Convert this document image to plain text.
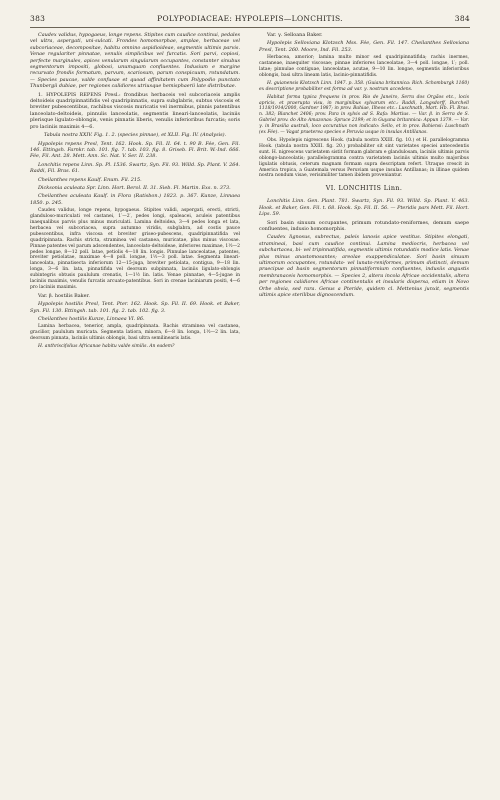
383	POLYPODIACEAE: HYPOLEPIS—LONCHITIS.	384

Caudex validus, hypogaeus, longe repens. Stipites cum caudice continui, pedales vel ultra, aspergati, uni-sulcati. Frondes homomorphae, amplae, herbaceae vel subcoriaceae, decompositae, habitu omnino aspidioideae, segmentis ultimis parvis. Venae regulariter pinnatae, venulis simplicibus vel furcatis. Sori parvi, copiosi, perfecte marginales, apices venularum singularum occupantes, constanter sinubus segmentorum impositi, globosi, unumquam confluentes. Indusium e margine recurvato frondis formatum, parvum, scariosum, parum conspicuum, rotundatum. — Species paucae, valde confusae et quoad affinitatem cum Polypodio punctato Thunbergii dubiae, per regiones calidiores utriusque hemisphaerii late distributae.

1. HYPOLEPIS REPENS Presl.: frondibus herbaceis vel subcoriaceis amplis deltoideis quadripinnatifidis vel quadripinnatis, supra subglabris, subtus viscosis et breviter pubescentibus, rachibus viscosis muricatis vel inermibus, pinnis patentibus lanceolato-deltoideis, pinnulis lanceolatis, segmentis lineari-lanceolatis, laciniis plerisque ligulato-oblongis, venis pinnatis liberis, venulis inferioribus furcatis; soris pro laciniis maximis 4—6.

Tabula nostra XXIV. Fig. 1. 2. (species pinnae), et XLII. Fig. IV. (Analysis).

Hypolepis repens Presl, Tent. 162. Hook. Sp. Fil. II. 64. t. 90 B. Fée, Gen. Fil. 146. Ettingsh. Farnkr. tab. 101. fig. 7. tab. 103. fig. 8. Griseb. Fl. Brit. W.-Ind. 666. Fée, Fil. Ant. 28. Mett. Ann. Sc. Nat. V. Ser. II. 238.

Lonchitis repens Linn. Sp. Pl. 1536. Swartz, Syn. Fil. 93. Willd. Sp. Plant. V. 264. Raddi, Fil. Bras. 61.

Cheilanthes repens Kaulf. Enum. Fil. 215.

Dicksonia aculeata Spr. Linn. Hort. Berol. II. 31. Sieb. Fl. Martin. Exs. n. 373.

Cheilanthes aculeata Kaulf. in Flora (Ratisbon.) 1823. p. 367. Kunze, Linnaea 1850. p. 245.

Caudex validus, longe repens, hypogaeus. Stipites validi, aspergati, erecti, stricti, glanduloso-muriculati vel castanei, 1′—2′, pedes longi, spaleacei, aculeis patentibus inaequalibus parvis plus minus muriculati. Lamina deltoidea, 3—4 pedes longa et lata, herbacea vel subcoriacea, supra autumno viridis, subglabra, ad costis pauce pubescentibus, infra viscosa et breviter griseo-pubescens, quadripinnatifida vel quadripinnata. Rachis stricta, straminea vel castanea, muricatae, plus minus viscosae. Pinnae patentes vel parum adscendentes, lanceolato-deltoideae, inferiores maximae, 1½—2 pedes longae, 8—12 poll. latae, petiolis 4—18 lin. longis. Pinnulae lanceolatae, patentes, breviter petiolatae, maximae 4—8 poll. longae, 1½—3 poll. latae. Segmenta lineari-lanceolata, pinnatisecta inferiorum 12—15-juga, breviter petiolata, contigua, 9—18 lin. longa, 3—6 lin. lata, pinnatifida vel deorsum subpinnata, laciniis ligulato-oblongis subintegris obtusis paululum crenatis, 1—1½ lin. latis. Venae pinnatae, 4—5-jugae in laciniis maximis, venulis furcatis arcuato-patentibus. Sori in crenae laciniarum positi, 4—6 pro laciniis maximis.

Var. β. hostilis Baker.

Hypolepis hostilis Presl, Tent. Pter. 162. Hook. Sp. Fil. II. 69. Hook. et Baker, Syn. Fil. 130. Ettingsh. tab. 101. fig. 2. tab. 102. fig. 3.

Cheilanthes hostilis Kunze, Linnaea VI. 86.

Lamina herbacea, tenerior, ampla, quadripinnata. Rachis straminea vel castanea, gracilior, paululum muricata. Segmenta latiora, minora, 6—8 lin. longa, 1½—2 lin. lata, deorsum pinnata, laciniis ultimis oblongis, basi ultra semilinearis latis.

H. anthriscifolius Africanae habitu valde similis. An eadem?

Var. γ. Selloana Baker.

Hypolepis Selloviana Klotzsch Mss. Fée, Gen. Fil. 147. Cheilanthes Selloviana Presl, Tent. 260. Moore, Ind. Fil. 253.

Herbacea, amorior; lamina multo minor sed quadripinnatifida; rachis inermes, castaneae, inaequiter viscosae; pinnae inferiores lanceolatae, 3—4 poll. longae, 1′; poll. latae; pinnulae contiguae, lanceolatae, acutae, 9—10 lin. longae, segmentis inferioribus oblongis, basi ultra lineam latis, lacinio-pinnatifidis.

H. guianensis Klotzsch Linn. 1847. p. 358. (Guiana britannica: Rich. Schomburgk 1160) ex descriptione probabiliter est forma ad var. γ. nostrum accedens.

Habitat forma typica frequens in prov. Rio de Janeiro, Serra dos Orgãos etc., locis apricis, et praerupta visu, in marginibus sylvarum etc.: Raddi, Langsdorff, Burchell 1118/1914/2000, Gardner 1987; in prov. Bahiae, Ilheos etc.: Luschnath, Mart. Hb. Fl. Bras. n. 382; Blanchet 2406; prov. Para in sylvis ad S. Rafa: Martius. — Var. β. in Serra de S. Gabriel prov. do Alto Amazonas: Spruce 2199; et in Guyana britannica: Appun 1379. — Var. γ. in Brasilia australi, loco accuratius non indicato: Sello, et in prov. Bahiensi: Luschnath (ex Fée). — Vagat praeterea species e Peruvia usque in insulas Antillanas.

Obs. Hypolepis nigrescens Hook. (tabula nostra XXIII. fig. 10.) et H. parallelogramma Hook. (tabula nostra XXIII. fig. 20.) probabiliter sit sint varietates speciei antecedentis sunt. H. nigrescens varietatem sistit formam glabram e glandulosam, laciniis ultimis parvis oblongo-lanceolatis; parallelogramma contra varietatem laciniis ultimis multo majoribus ligulatis obtusis, ceterum magnam formam supra descriptam refert. Utraque crescit in America tropica, a Guatemala versus Peruviam usque insulas Antillanas; in illinae quidem nostra nondum visae, verisimiliter tamen ibidem proveniantur.

VI. LONCHITIS Linn.

Lonchitis Linn. Gen. Plant. 781. Swartz, Syn. Fil. 93. Willd. Sp. Plant. V. 463. Hook. et Baker, Gen. Fil. t. 68. Hook. Sp. Fil. II. 56. — Pteridis pars Mett. Fil. Hort. Lips. 59.

Sori basin sinuum occupantes, primum rotundato-reniformes, demum saepe confluentes, indusio homomorphis.

Caudex lignosus, subrectus, paleis lanosis apice vestitus. Stipites elongati, stramineai, basi cum caudice continui. Lamina mediocris, herbacea vel subchartacea, bi- vel tripinnatifida, segmentis ultimis rotundatis modice latis. Venae plus minus anastomosantes; areolae exappendiculatae. Sori basin sinuum ultimorum occupantes, rotundato- vel lunato-reniformes, primum distincti, demum praecipue ad basin segmentorum pinnatiformium confluentes, indusiis angustis membranaceis homomorphis. — Species 2, altera incola Africae occidentalis, altera per regiones calidiores Africae continentalis et insularis dispersa, etiam in Novo Orbe obvia, sed rara. Genus a Pteride, quidem cl. Mettenius junxit, segmentis ultimis apice sterilibus dignoscendum.
